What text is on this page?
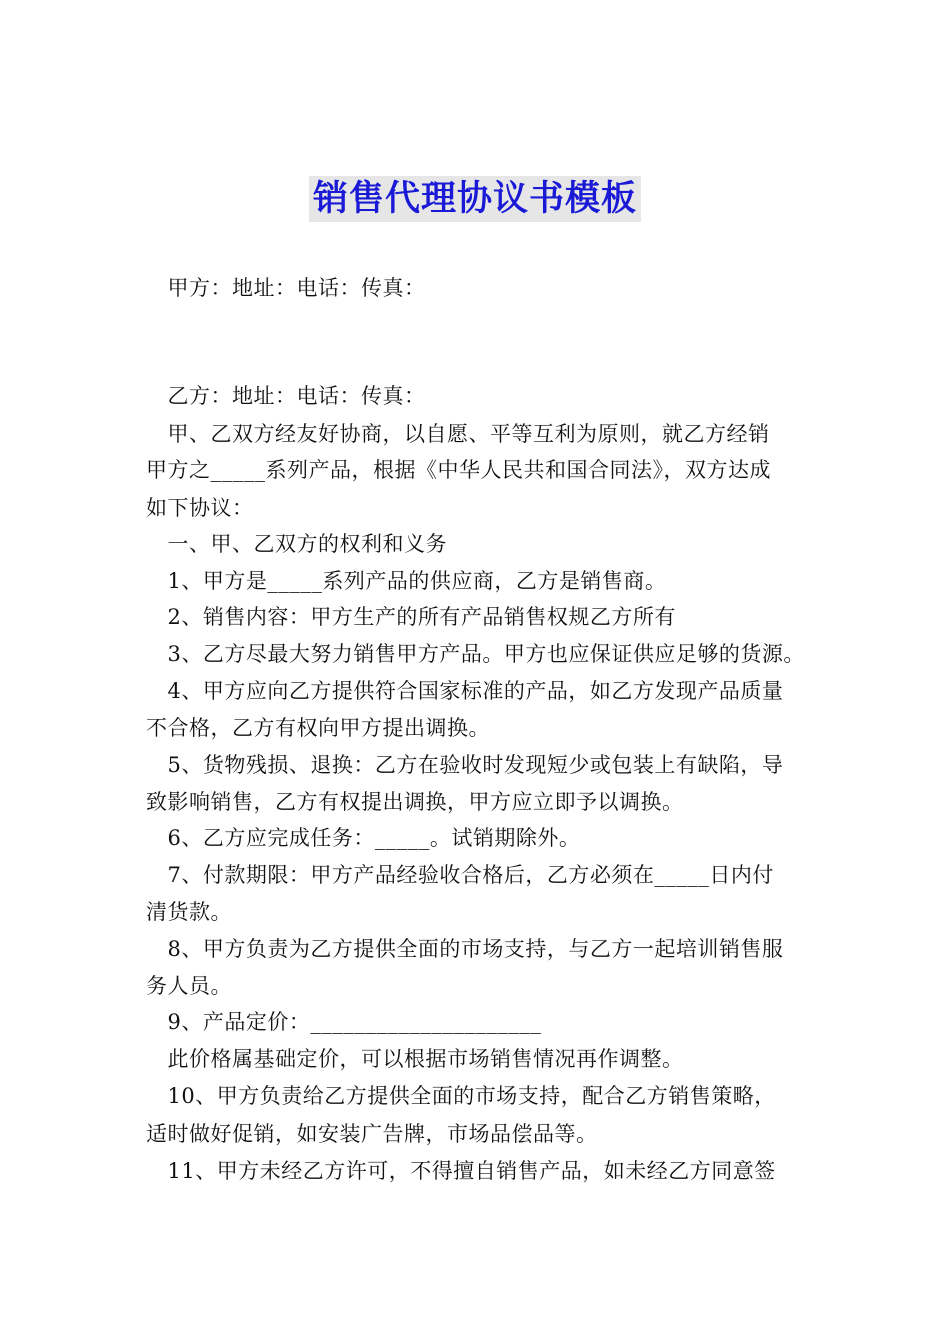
销售代理协议书模板
　甲方：地址：电话：传真：
　乙方：地址：电话：传真：
　甲、乙双方经友好协商，以自愿、平等互利为原则，就乙方经销
甲方之_____系列产品，根据《中华人民共和国合同法》，双方达成
如下协议：
　一、甲、乙双方的权利和义务
　1、甲方是_____系列产品的供应商，乙方是销售商。
　2、销售内容：甲方生产的所有产品销售权规乙方所有
　3、乙方尽最大努力销售甲方产品。甲方也应保证供应足够的货源。
　4、甲方应向乙方提供符合国家标准的产品，如乙方发现产品质量
不合格，乙方有权向甲方提出调换。
　5、货物残损、退换：乙方在验收时发现短少或包装上有缺陷，导
致影响销售，乙方有权提出调换，甲方应立即予以调换。
　6、乙方应完成任务：_____。试销期除外。
　7、付款期限：甲方产品经验收合格后，乙方必须在_____日内付
清货款。
　8、甲方负责为乙方提供全面的市场支持，与乙方一起培训销售服
务人员。
　9、产品定价：_____________________
　此价格属基础定价，可以根据市场销售情况再作调整。
　10、甲方负责给乙方提供全面的市场支持，配合乙方销售策略，
适时做好促销，如安装广告牌，市场品偿品等。
　11、甲方未经乙方许可，不得擅自销售产品，如未经乙方同意签
